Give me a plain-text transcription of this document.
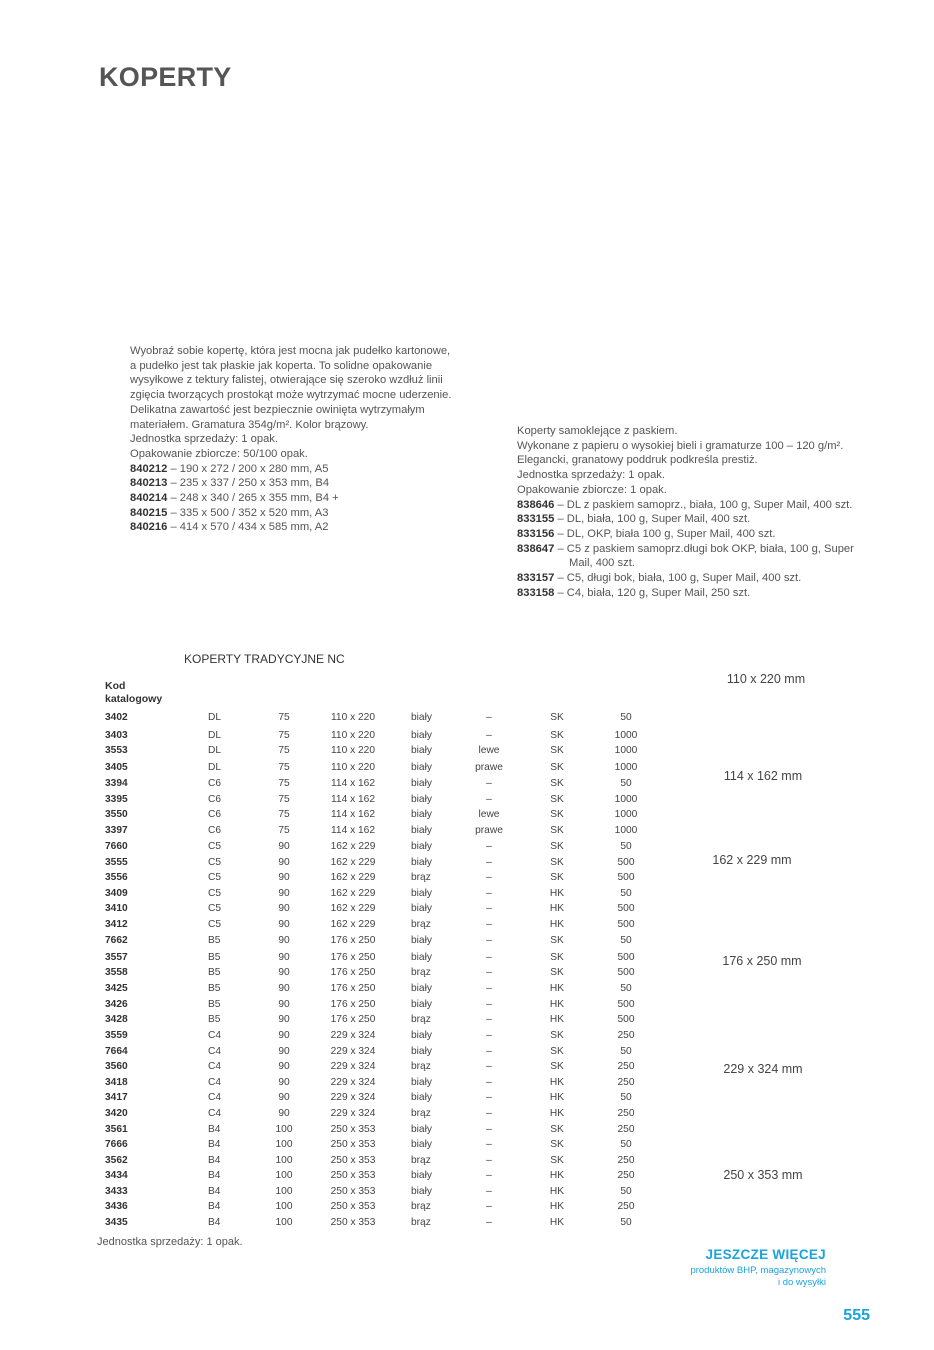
KOPERTY
Wyobraź sobie kopertę, która jest mocna jak pudełko kartonowe,
a pudełko jest tak płaskie jak koperta. To solidne opakowanie
wysyłkowe z tektury falistej, otwierające się szeroko wzdłuż linii
zgięcia tworzących prostokąt może wytrzymać mocne uderzenie.
Delikatna zawartość jest bezpiecznie owinięta wytrzymałym
materiałem. Gramatura 354g/m². Kolor brązowy.
Jednostka sprzedaży: 1 opak.
Opakowanie zbiorcze: 50/100 opak.
840212 – 190 x 272 / 200 x 280 mm, A5
840213 – 235 x 337 / 250 x 353 mm, B4
840214 – 248 x 340 / 265 x 355 mm, B4 +
840215 – 335 x 500 / 352 x 520 mm, A3
840216 – 414 x 570 / 434 x 585 mm, A2
Koperty samoklejące z paskiem.
Wykonane z papieru o wysokiej bieli i gramaturze 100 – 120 g/m².
Elegancki, granatowy poddruk podkreśla prestiż.
Jednostka sprzedaży: 1 opak.
Opakowanie zbiorcze: 1 opak.
838646 – DL z paskiem samoprz., biała, 100 g, Super Mail, 400 szt.
833155 – DL, biała, 100 g, Super Mail, 400 szt.
833156 – DL, OKP, biała 100 g, Super Mail, 400 szt.
838647 – C5 z paskiem samoprz.długi bok OKP, biała, 100 g, Super
Mail, 400 szt.
833157 – C5, długi bok, biała, 100 g, Super Mail, 400 szt.
833158 – C4, biała, 120 g, Super Mail, 250 szt.
KOPERTY TRADYCYJNE NC
Kod
katalogowy
3402	DL	75	110 x 220	biały	–	SK	50
3403	DL	75	110 x 220	biały	–	SK	1000
3553	DL	75	110 x 220	biały	lewe	SK	1000
3405	DL	75	110 x 220	biały	prawe	SK	1000
3394	C6	75	114 x 162	biały	–	SK	50
3395	C6	75	114 x 162	biały	–	SK	1000
3550	C6	75	114 x 162	biały	lewe	SK	1000
3397	C6	75	114 x 162	biały	prawe	SK	1000
7660	C5	90	162 x 229	biały	–	SK	50
3555	C5	90	162 x 229	biały	–	SK	500
3556	C5	90	162 x 229	brąz	–	SK	500
3409	C5	90	162 x 229	biały	–	HK	50
3410	C5	90	162 x 229	biały	–	HK	500
3412	C5	90	162 x 229	brąz	–	HK	500
7662	B5	90	176 x 250	biały	–	SK	50
3557	B5	90	176 x 250	biały	–	SK	500
3558	B5	90	176 x 250	brąz	–	SK	500
3425	B5	90	176 x 250	biały	–	HK	50
3426	B5	90	176 x 250	biały	–	HK	500
3428	B5	90	176 x 250	brąz	–	HK	500
3559	C4	90	229 x 324	biały	–	SK	250
7664	C4	90	229 x 324	biały	–	SK	50
3560	C4	90	229 x 324	brąz	–	SK	250
3418	C4	90	229 x 324	biały	–	HK	250
3417	C4	90	229 x 324	biały	–	HK	50
3420	C4	90	229 x 324	brąz	–	HK	250
3561	B4	100	250 x 353	biały	–	SK	250
7666	B4	100	250 x 353	biały	–	SK	50
3562	B4	100	250 x 353	brąz	–	SK	250
3434	B4	100	250 x 353	biały	–	HK	250
3433	B4	100	250 x 353	biały	–	HK	50
3436	B4	100	250 x 353	brąz	–	HK	250
3435	B4	100	250 x 353	brąz	–	HK	50
110 x 220 mm
114 x 162 mm
162 x 229 mm
176 x 250 mm
229 x 324 mm
250 x 353 mm
Jednostka sprzedaży: 1 opak.
JESZCZE WIĘCEJ
produktów BHP, magazynowych
i do wysyłki
555
